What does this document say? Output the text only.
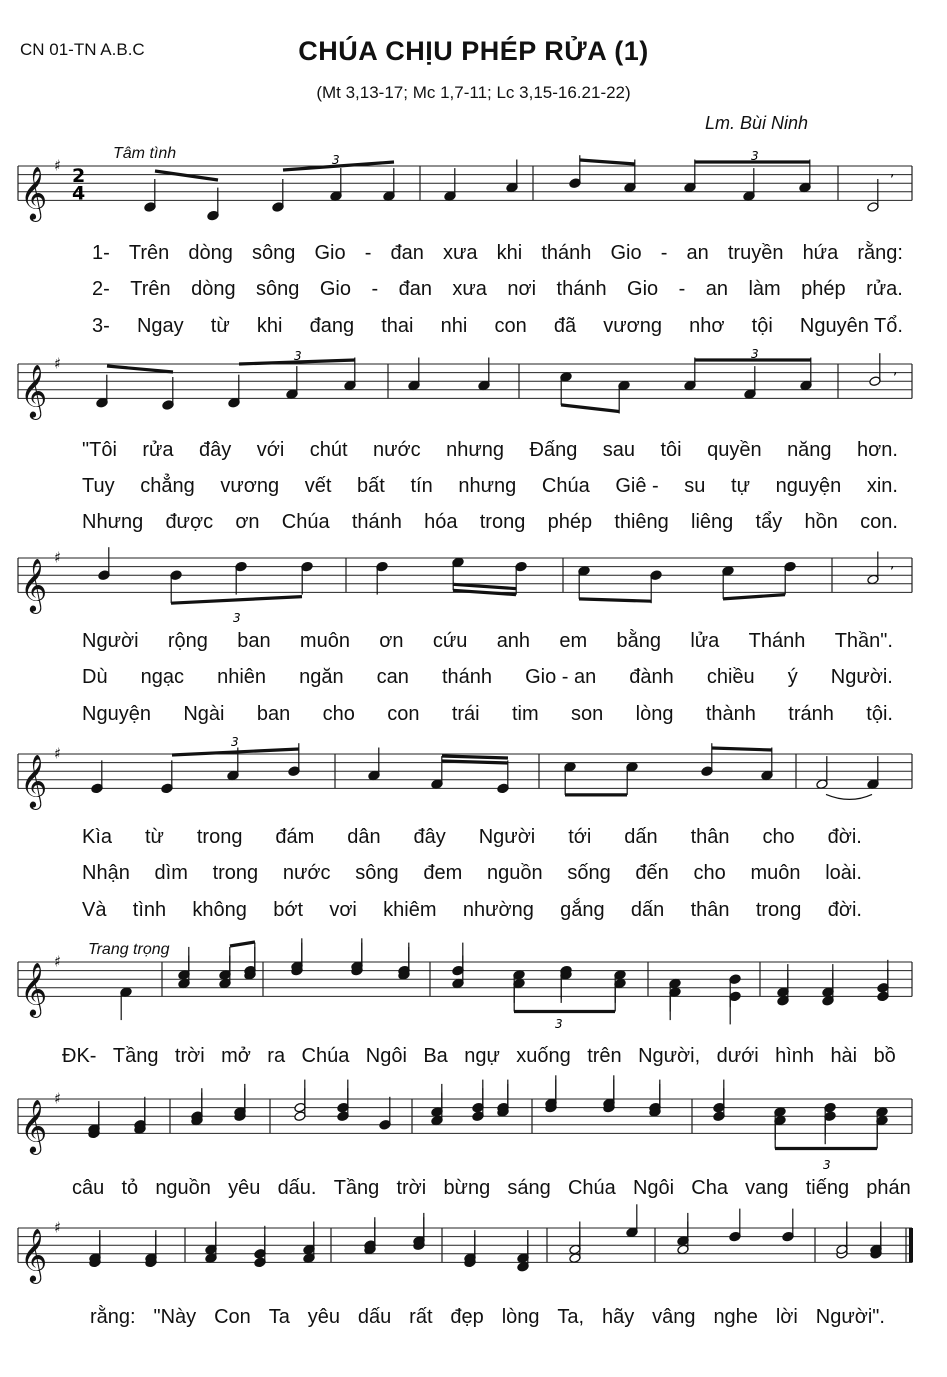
CN 01-TN A.B.C	CHÚA CHỊU PHÉP RỬA (1)
(Mt 3,13-17; Mc 1,7-11; Lc 3,15-16.21-22)
Lm. Bùi Ninh
Tâm tình
Trang trọng
𝄞
♯ 2
4
3	3
,
𝄞
♯	3	3
,
𝄞
♯
3
,
𝄞
♯
3
𝄞
♯
3
𝄞
♯
3
𝄞
♯
1- Trên dòng sông Gio - đan xưa khi thánh Gio - an truyền hứa rằng:
2- Trên dòng sông Gio - đan xưa nơi thánh Gio - an làm phép rửa.
3- Ngay từ khi đang thai nhi con đã vương nhơ tội Nguyên Tổ.
"Tôi rửa đây với chút nước nhưng Đấng sau tôi quyền năng hơn.
Tuy chẳng vương vết bất tín nhưng Chúa Giê - su tự nguyện xin.
Nhưng được ơn Chúa thánh hóa trong phép thiêng liêng tẩy hồn con.
Người rộng ban muôn ơn cứu anh em bằng lửa Thánh Thần".
Dù ngạc nhiên ngăn can thánh Gio - an đành chiều ý Người.
Nguyện Ngài ban cho con trái tim son lòng thành tránh tội.
Kìa từ trong đám dân đây Người tới dấn thân cho đời.
Nhận dìm trong nước sông đem nguồn sống đến cho muôn loài.
Và tình không bớt vơi khiêm nhường gắng dấn thân trong đời.
ĐK- Tầng trời mở ra Chúa Ngôi Ba ngự xuống trên Người, dưới hình hài bồ
câu tỏ nguồn yêu dấu. Tầng trời bừng sáng Chúa Ngôi Cha vang tiếng phán
rằng: "Này Con Ta yêu dấu rất đẹp lòng Ta, hãy vâng nghe lời Người".
